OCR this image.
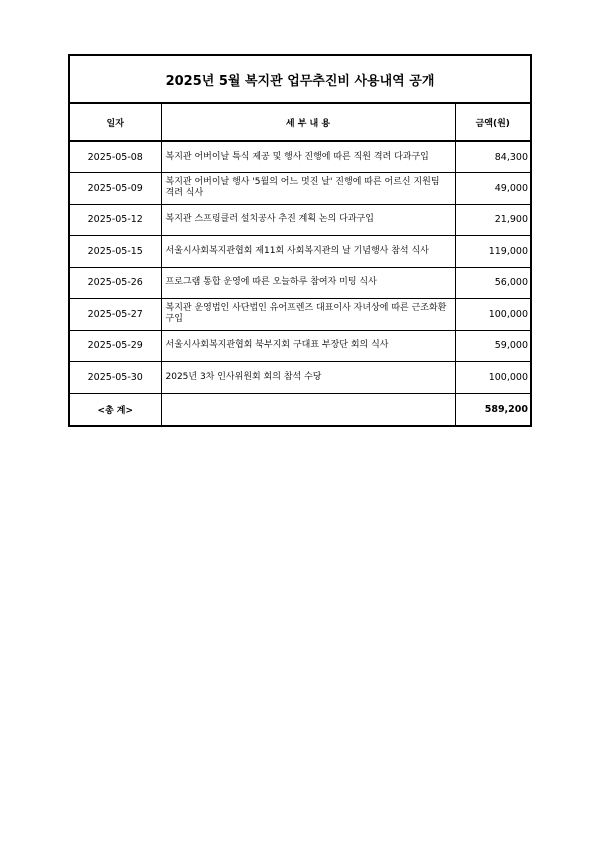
2025년 5월 복지관 업무추진비 사용내역 공개
일자	세 부 내 용	금액(원)
2025-05-08	복지관 어버이날 특식 제공 및 행사 진행에 따른 직원 격려 다과구입	84,300
2025-05-09	복지관 어버이날 행사 '5월의 어느 멋진 날' 진행에 따른 어르신 지원팀 격려 식사	49,000
2025-05-12	복지관 스프링클러 설치공사 추진 계획 논의 다과구입	21,900
2025-05-15	서울시사회복지관협회 제11회 사회복지관의 날 기념행사 참석 식사	119,000
2025-05-26	프로그램 통합 운영에 따른 오늘하루 참여자 미팅 식사	56,000
2025-05-27	복지관 운영법인 사단법인 유어프렌즈 대표이사 자녀상에 따른 근조화환 구입	100,000
2025-05-29	서울시사회복지관협회 북부지회 구대표 부장단 회의 식사	59,000
2025-05-30	2025년 3차 인사위원회 회의 참석 수당	100,000
<총 계>		589,200
